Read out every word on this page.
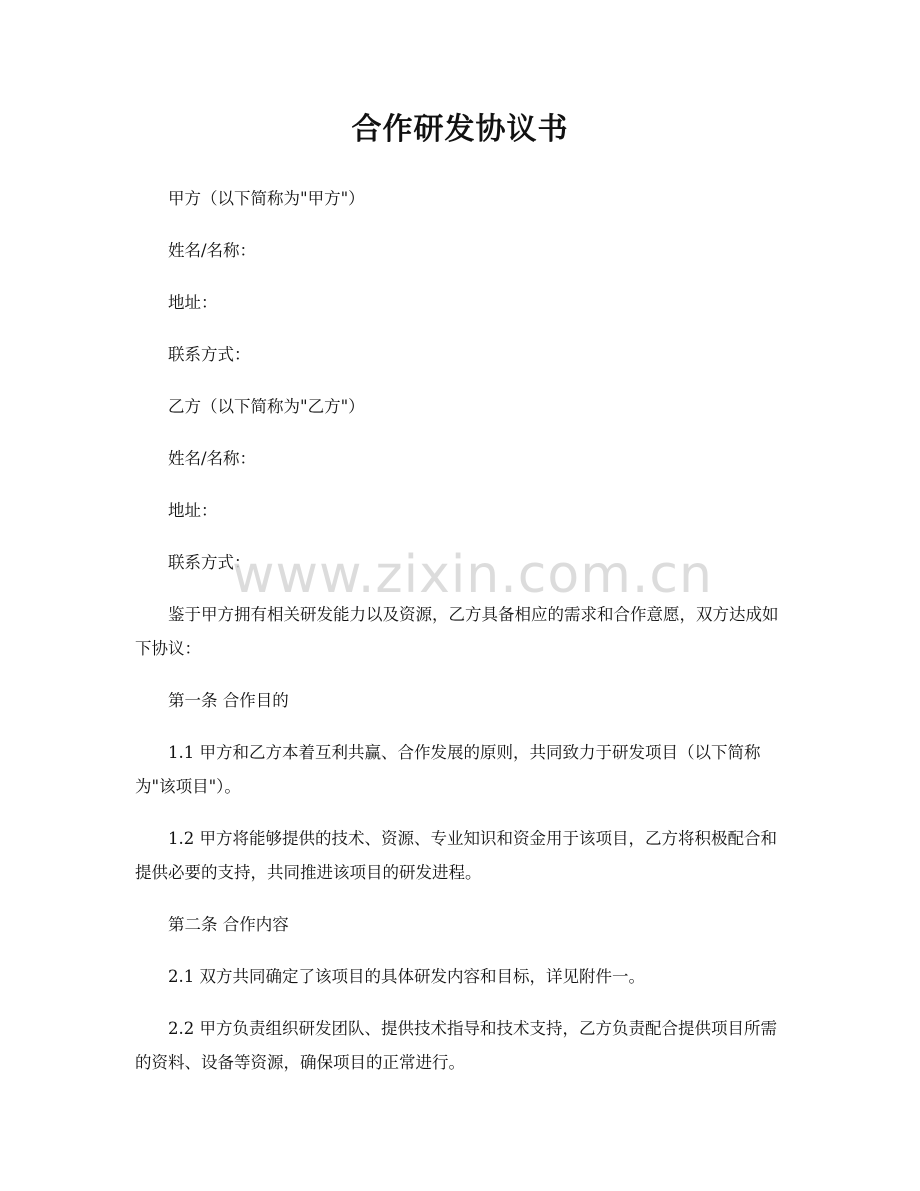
合作研发协议书

甲方（以下简称为"甲方"）

姓名/名称：

地址：

联系方式：

乙方（以下简称为"乙方"）

姓名/名称：

地址：

联系方式：

鉴于甲方拥有相关研发能力以及资源，乙方具备相应的需求和合作意愿，双方达成如下协议：

第一条 合作目的

1.1 甲方和乙方本着互利共赢、合作发展的原则，共同致力于研发项目（以下简称为"该项目"）。

1.2 甲方将能够提供的技术、资源、专业知识和资金用于该项目，乙方将积极配合和提供必要的支持，共同推进该项目的研发进程。

第二条 合作内容

2.1 双方共同确定了该项目的具体研发内容和目标，详见附件一。

2.2 甲方负责组织研发团队、提供技术指导和技术支持，乙方负责配合提供项目所需的资料、设备等资源，确保项目的正常进行。

www.zixin.com.cn
